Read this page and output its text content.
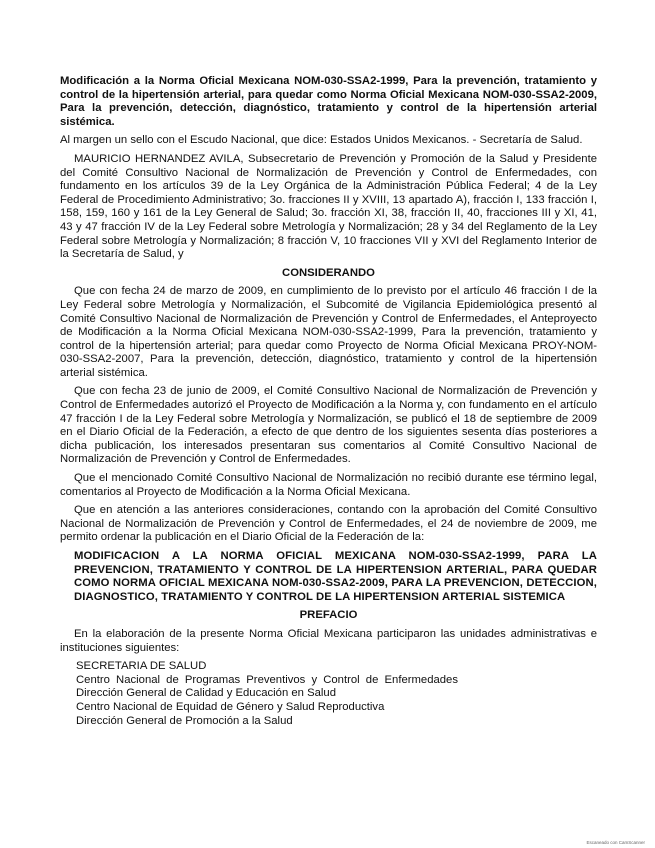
Modificación a la Norma Oficial Mexicana NOM-030-SSA2-1999, Para la prevención, tratamiento y control de la hipertensión arterial, para quedar como Norma Oficial Mexicana NOM-030-SSA2-2009, Para la prevención, detección, diagnóstico, tratamiento y control de la hipertensión arterial sistémica.

Al margen un sello con el Escudo Nacional, que dice: Estados Unidos Mexicanos. - Secretaría de Salud.

MAURICIO HERNANDEZ AVILA, Subsecretario de Prevención y Promoción de la Salud y Presidente del Comité Consultivo Nacional de Normalización de Prevención y Control de Enfermedades, con fundamento en los artículos 39 de la Ley Orgánica de la Administración Pública Federal; 4 de la Ley Federal de Procedimiento Administrativo; 3o. fracciones II y XVIII, 13 apartado A), fracción I, 133 fracción I, 158, 159, 160 y 161 de la Ley General de Salud; 3o. fracción XI, 38, fracción II, 40, fracciones III y XI, 41, 43 y 47 fracción IV de la Ley Federal sobre Metrología y Normalización; 28 y 34 del Reglamento de la Ley Federal sobre Metrología y Normalización; 8 fracción V, 10 fracciones VII y XVI del Reglamento Interior de la Secretaría de Salud, y

CONSIDERANDO

Que con fecha 24 de marzo de 2009, en cumplimiento de lo previsto por el artículo 46 fracción I de la Ley Federal sobre Metrología y Normalización, el Subcomité de Vigilancia Epidemiológica presentó al Comité Consultivo Nacional de Normalización de Prevención y Control de Enfermedades, el Anteproyecto de Modificación a la Norma Oficial Mexicana NOM-030-SSA2-1999, Para la prevención, tratamiento y control de la hipertensión arterial; para quedar como Proyecto de Norma Oficial Mexicana PROY-NOM-030-SSA2-2007, Para la prevención, detección, diagnóstico, tratamiento y control de la hipertensión arterial sistémica.

Que con fecha 23 de junio de 2009, el Comité Consultivo Nacional de Normalización de Prevención y Control de Enfermedades autorizó el Proyecto de Modificación a la Norma y, con fundamento en el artículo 47 fracción I de la Ley Federal sobre Metrología y Normalización, se publicó el 18 de septiembre de 2009 en el Diario Oficial de la Federación, a efecto de que dentro de los siguientes sesenta días posteriores a dicha publicación, los interesados presentaran sus comentarios al Comité Consultivo Nacional de Normalización de Prevención y Control de Enfermedades.

Que el mencionado Comité Consultivo Nacional de Normalización no recibió durante ese término legal, comentarios al Proyecto de Modificación a la Norma Oficial Mexicana.

Que en atención a las anteriores consideraciones, contando con la aprobación del Comité Consultivo Nacional de Normalización de Prevención y Control de Enfermedades, el 24 de noviembre de 2009, me permito ordenar la publicación en el Diario Oficial de la Federación de la:

MODIFICACION A LA NORMA OFICIAL MEXICANA NOM-030-SSA2-1999, PARA LA PREVENCION, TRATAMIENTO Y CONTROL DE LA HIPERTENSION ARTERIAL, PARA QUEDAR COMO NORMA OFICIAL MEXICANA NOM-030-SSA2-2009, PARA LA PREVENCION, DETECCION, DIAGNOSTICO, TRATAMIENTO Y CONTROL DE LA HIPERTENSION ARTERIAL SISTEMICA
PREFACIO

En la elaboración de la presente Norma Oficial Mexicana participaron las unidades administrativas e instituciones siguientes:

SECRETARIA DE SALUD
Centro Nacional de Programas Preventivos y Control de Enfermedades Dirección General de Calidad y Educación en Salud
Centro Nacional de Equidad de Género y Salud Reproductiva
Dirección General de Promoción a la Salud
Escaneado con CamScanner
